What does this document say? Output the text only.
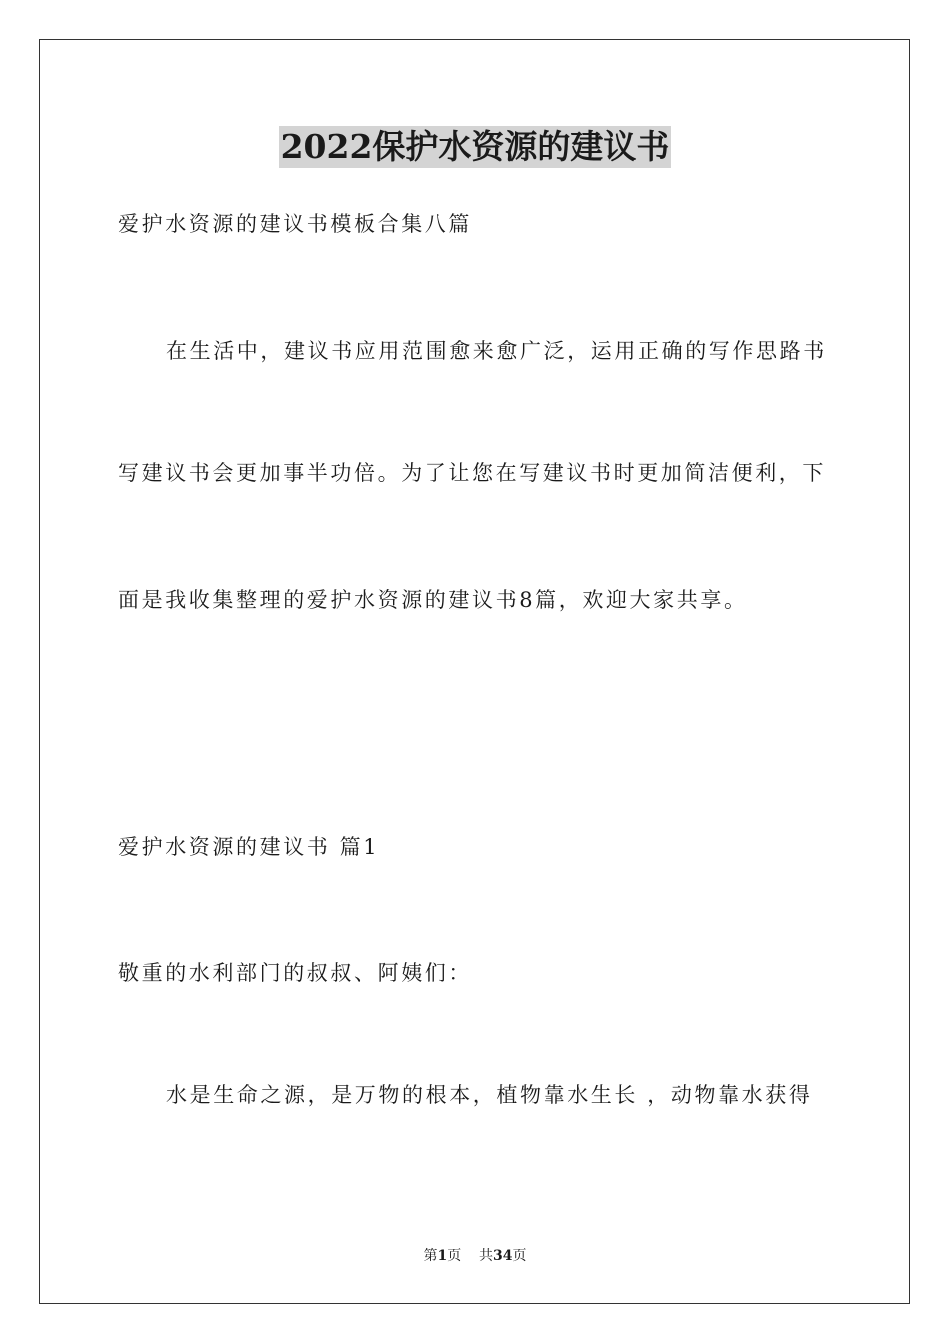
2022保护水资源的建议书
爱护水资源的建议书模板合集八篇
在生活中，建议书应用范围愈来愈广泛，运用正确的写作思路书
写建议书会更加事半功倍。为了让您在写建议书时更加简洁便利，下
面是我收集整理的爱护水资源的建议书8篇，欢迎大家共享。
爱护水资源的建议书 篇1
敬重的水利部门的叔叔、阿姨们：
水是生命之源，是万物的根本，植物靠水生长 ，动物靠水获得
第1页    共34页
